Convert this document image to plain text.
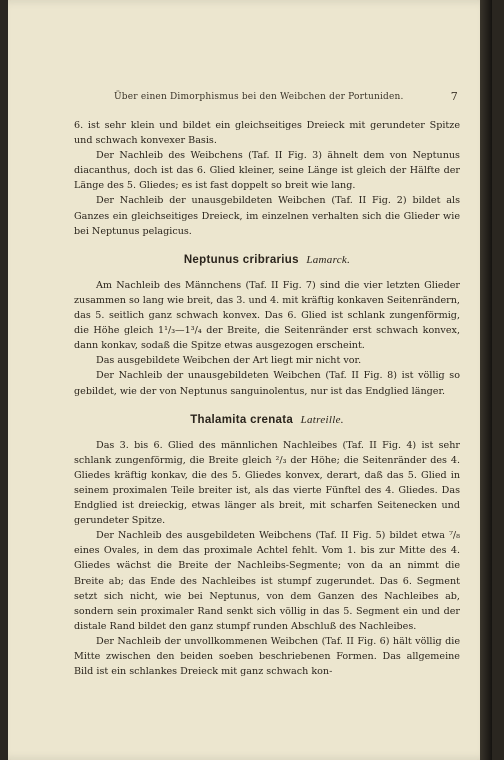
Über einen Dimorphismus bei den Weibchen der Portuniden.	7

6. ist sehr klein und bildet ein gleichseitiges Dreieck mit gerundeter Spitze und schwach konvexer Basis.

Der Nachleib des Weibchens (Taf. II Fig. 3) ähnelt dem von Neptunus diacanthus, doch ist das 6. Glied kleiner, seine Länge ist gleich der Hälfte der Länge des 5. Gliedes; es ist fast doppelt so breit wie lang.

Der Nachleib der unausgebildeten Weibchen (Taf. II Fig. 2) bildet als Ganzes ein gleichseitiges Dreieck, im einzelnen verhalten sich die Glieder wie bei Neptunus pelagicus.

Neptunus cribrarius Lamarck.

Am Nachleib des Männchens (Taf. II Fig. 7) sind die vier letzten Glieder zusammen so lang wie breit, das 3. und 4. mit kräftig konkaven Seitenrändern, das 5. seitlich ganz schwach konvex. Das 6. Glied ist schlank zungenförmig, die Höhe gleich 1¹/₃—1³/₄ der Breite, die Seitenränder erst schwach konvex, dann konkav, sodaß die Spitze etwas ausgezogen erscheint.

Das ausgebildete Weibchen der Art liegt mir nicht vor.

Der Nachleib der unausgebildeten Weibchen (Taf. II Fig. 8) ist völlig so gebildet, wie der von Neptunus sanguinolentus, nur ist das Endglied länger.

Thalamita crenata Latreille.

Das 3. bis 6. Glied des männlichen Nachleibes (Taf. II Fig. 4) ist sehr schlank zungenförmig, die Breite gleich ²/₃ der Höhe; die Seitenränder des 4. Gliedes kräftig konkav, die des 5. Gliedes konvex, derart, daß das 5. Glied in seinem proximalen Teile breiter ist, als das vierte Fünftel des 4. Gliedes. Das Endglied ist dreieckig, etwas länger als breit, mit scharfen Seitenecken und gerundeter Spitze.

Der Nachleib des ausgebildeten Weibchens (Taf. II Fig. 5) bildet etwa ⁷/₈ eines Ovales, in dem das proximale Achtel fehlt. Vom 1. bis zur Mitte des 4. Gliedes wächst die Breite der Nachleibs-Segmente; von da an nimmt die Breite ab; das Ende des Nachleibes ist stumpf zugerundet. Das 6. Segment setzt sich nicht, wie bei Neptunus, von dem Ganzen des Nachleibes ab, sondern sein proximaler Rand senkt sich völlig in das 5. Segment ein und der distale Rand bildet den ganz stumpf runden Abschluß des Nachleibes.

Der Nachleib der unvollkommenen Weibchen (Taf. II Fig. 6) hält völlig die Mitte zwischen den beiden soeben beschriebenen Formen. Das allgemeine Bild ist ein schlankes Dreieck mit ganz schwach kon-
